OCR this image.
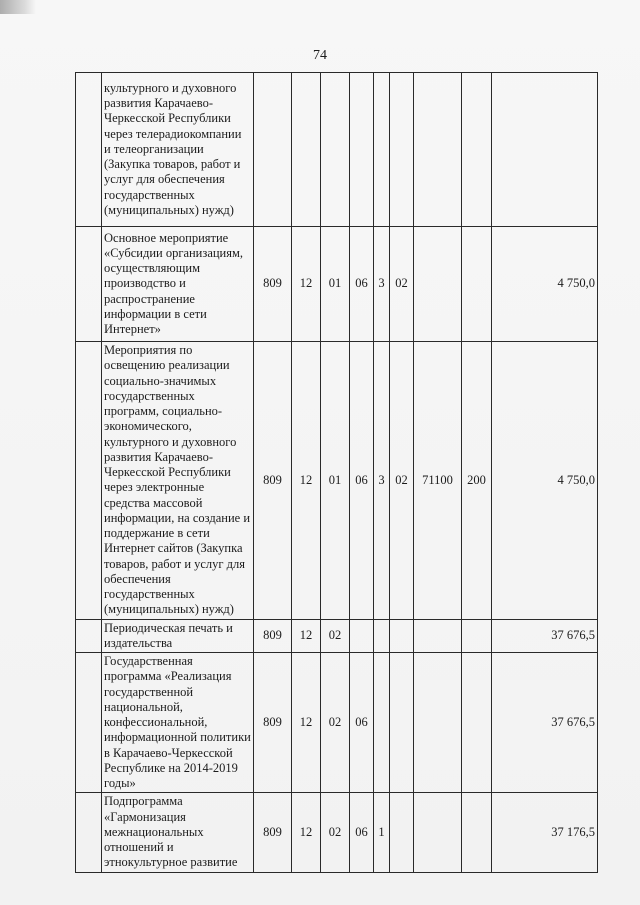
74
	культурного и духовного развития Карачаево-Черкесской Республики через телерадиокомпании и телеорганизации (Закупка товаров, работ и услуг для обеспечения государственных (муниципальных) нужд)									
	Основное мероприятие «Субсидии организациям, осуществляющим производство и распространение информации в сети Интернет»	809	12	01	06	3	02			4 750,0
	Мероприятия по освещению реализации социально-значимых государственных программ, социально-экономического, культурного и духовного развития Карачаево-Черкесской Республики через электронные средства массовой информации, на создание и поддержание в сети Интернет сайтов (Закупка товаров, работ и услуг для обеспечения государственных (муниципальных) нужд)	809	12	01	06	3	02	71100	200	4 750,0
	Периодическая печать и издательства	809	12	02						37 676,5
	Государственная программа «Реализация государственной национальной, конфессиональной, информационной политики в Карачаево-Черкесской Республике на 2014-2019 годы»	809	12	02	06					37 676,5
	Подпрограмма «Гармонизация межнациональных отношений и этнокультурное развитие	809	12	02	06	1				37 176,5
